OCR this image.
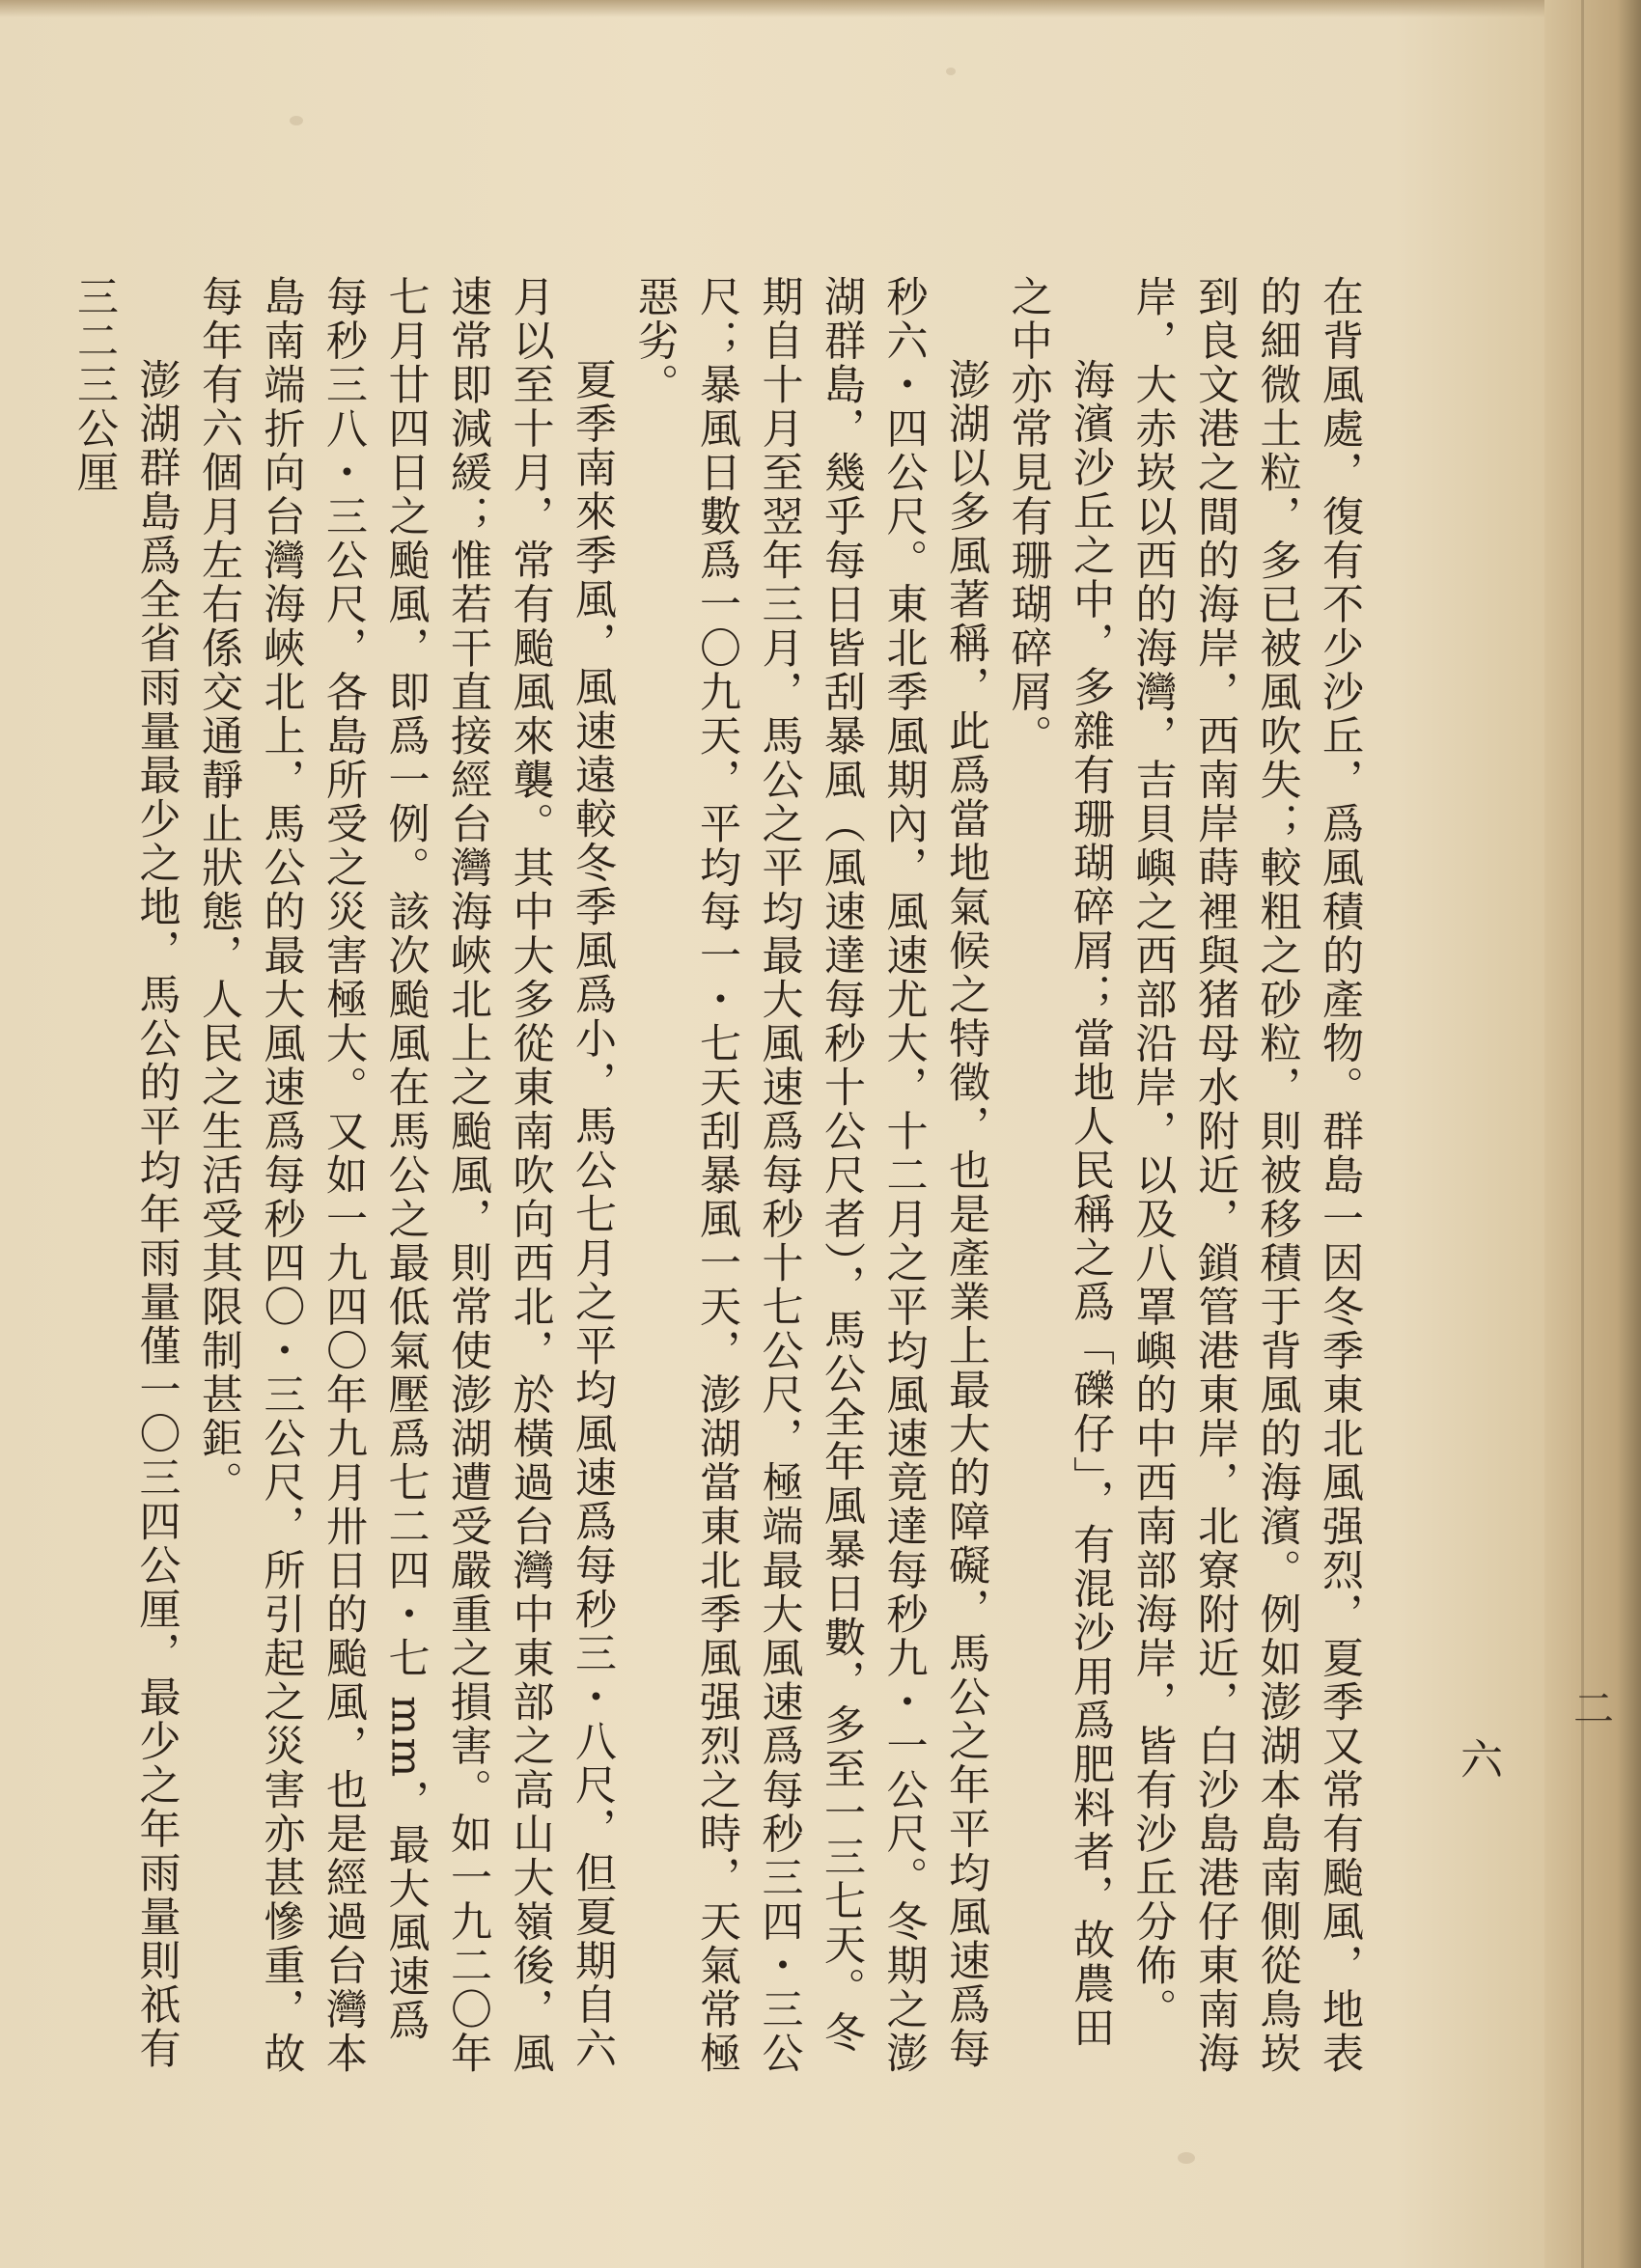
在背風處，復有不少沙丘，爲風積的產物。群島一因冬季東北風强烈，夏季又常有颱風，地表的細微土粒，多已被風吹失；較粗之砂粒，則被移積于背風的海濱。例如澎湖本島南側從鳥崁到良文港之間的海岸，西南岸蒔裡與猪母水附近，鎖管港東岸，北寮附近，白沙島港仔東南海岸，大赤崁以西的海灣，吉貝嶼之西部沿岸，以及八罩嶼的中西南部海岸，皆有沙丘分佈。

海濱沙丘之中，多雜有珊瑚碎屑；當地人民稱之爲「礫仔」，有混沙用爲肥料者，故農田之中亦常見有珊瑚碎屑。

澎湖以多風著稱，此爲當地氣候之特徵，也是產業上最大的障礙，馬公之年平均風速爲每秒六・四公尺。東北季風期內，風速尤大，十二月之平均風速竟達每秒九・一公尺。冬期之澎湖群島，幾乎每日皆刮暴風（風速達每秒十公尺者），馬公全年風暴日數，多至一三七天。冬期自十月至翌年三月，馬公之平均最大風速爲每秒十七公尺，極端最大風速爲每秒三四・三公尺；暴風日數爲一〇九天，平均每一・七天刮暴風一天，澎湖當東北季風强烈之時，天氣常極惡劣。

夏季南來季風，風速遠較冬季風爲小，馬公七月之平均風速爲每秒三・八尺，但夏期自六月以至十月，常有颱風來襲。其中大多從東南吹向西北，於橫過台灣中東部之高山大嶺後，風速常即減緩；惟若干直接經台灣海峽北上之颱風，則常使澎湖遭受嚴重之損害。如一九二〇年七月廿四日之颱風，即爲一例。該次颱風在馬公之最低氣壓爲七二四・七 mm，最大風速爲每秒三八・三公尺，各島所受之災害極大。又如一九四〇年九月卅日的颱風，也是經過台灣本島南端折向台灣海峽北上，馬公的最大風速爲每秒四〇・三公尺，所引起之災害亦甚慘重，故每年有六個月左右係交通靜止狀態，人民之生活受其限制甚鉅。

澎湖群島爲全省雨量最少之地，馬公的平均年雨量僅一〇三四公厘，最少之年雨量則祇有三二三公厘

六
二
